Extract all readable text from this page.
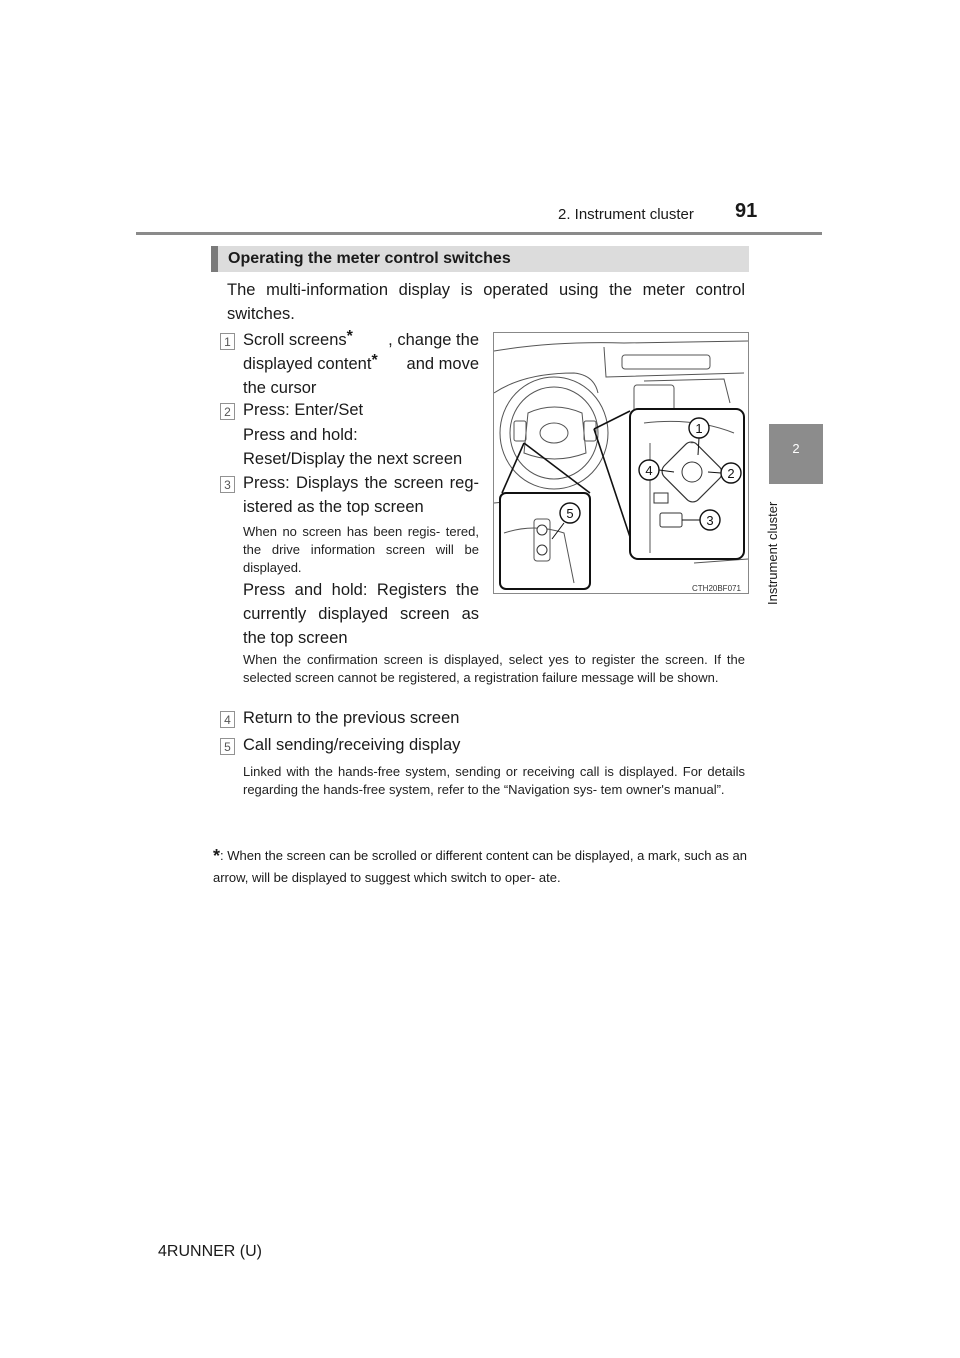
2. Instrument cluster 91
2
Instrument cluster
Operating the meter control switches
The multi-information display is operated using the meter control switches.
1 Scroll screens* , change the
displayed content* and move
the cursor
2 Press: Enter/Set
Press and hold:
Reset/Display the next screen
3 Press: Displays the screen reg-
istered as the top screen
When no screen has been regis- tered, the drive information screen will be displayed.
Press and hold: Registers the
currently displayed screen as
the top screen
When the confirmation screen is displayed, select yes to register the screen. If the selected screen cannot be registered, a registration failure message will be shown.
4 Return to the previous screen
5 Call sending/receiving display
Linked with the hands-free system, sending or receiving call is displayed. For details regarding the hands-free system, refer to the “Navigation sys- tem owner's manual”.
*: When the screen can be scrolled or different content can be displayed, a mark, such as an arrow, will be displayed to suggest which switch to oper- ate.
5
ˆ
1
2
3
4
CTH20BF071
4RUNNER (U)
